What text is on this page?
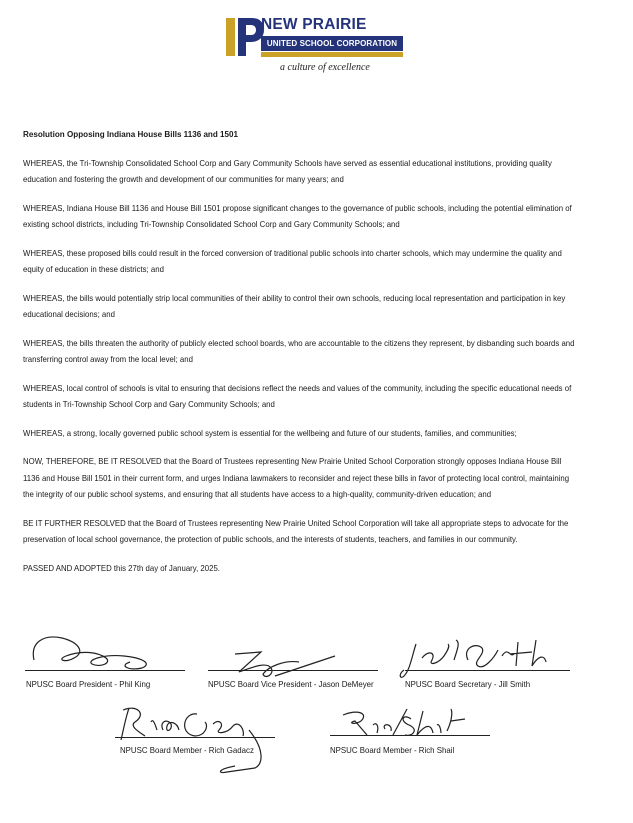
NEW PRAIRIE
UNITED SCHOOL CORPORATION
a culture of excellence
Resolution Opposing Indiana House Bills 1136 and 1501
WHEREAS, the Tri-Township Consolidated School Corp and Gary Community Schools have served as essential educational institutions, providing quality education and fostering the growth and development of our communities for many years; and
WHEREAS, Indiana House Bill 1136 and House Bill 1501 propose significant changes to the governance of public schools, including the potential elimination of existing school districts, including Tri-Township Consolidated School Corp and Gary Community Schools; and
WHEREAS, these proposed bills could result in the forced conversion of traditional public schools into charter schools, which may undermine the quality and equity of education in these districts; and
WHEREAS, the bills would potentially strip local communities of their ability to control their own schools, reducing local representation and participation in key educational decisions; and
WHEREAS, the bills threaten the authority of publicly elected school boards, who are accountable to the citizens they represent, by disbanding such boards and transferring control away from the local level; and
WHEREAS, local control of schools is vital to ensuring that decisions reflect the needs and values of the community, including the specific educational needs of students in Tri-Township School Corp and Gary Community Schools; and
WHEREAS, a strong, locally governed public school system is essential for the wellbeing and future of our students, families, and communities;
NOW, THEREFORE, BE IT RESOLVED that the Board of Trustees representing New Prairie United School Corporation strongly opposes Indiana House Bill 1136 and House Bill 1501 in their current form, and urges Indiana lawmakers to reconsider and reject these bills in favor of protecting local control, maintaining the integrity of our public school systems, and ensuring that all students have access to a high-quality, community-driven education; and
BE IT FURTHER RESOLVED that the Board of Trustees representing New Prairie United School Corporation will take all appropriate steps to advocate for the preservation of local school governance, the protection of public schools, and the interests of students, teachers, and families in our community.
PASSED AND ADOPTED this 27th day of January, 2025.
NPUSC Board President - Phil King	NPUSC Board Vice President - Jason DeMeyer	NPUSC Board Secretary - Jill Smith
NPUSC Board Member - Rich Gadacz	NPSUC Board Member - Rich Shail
